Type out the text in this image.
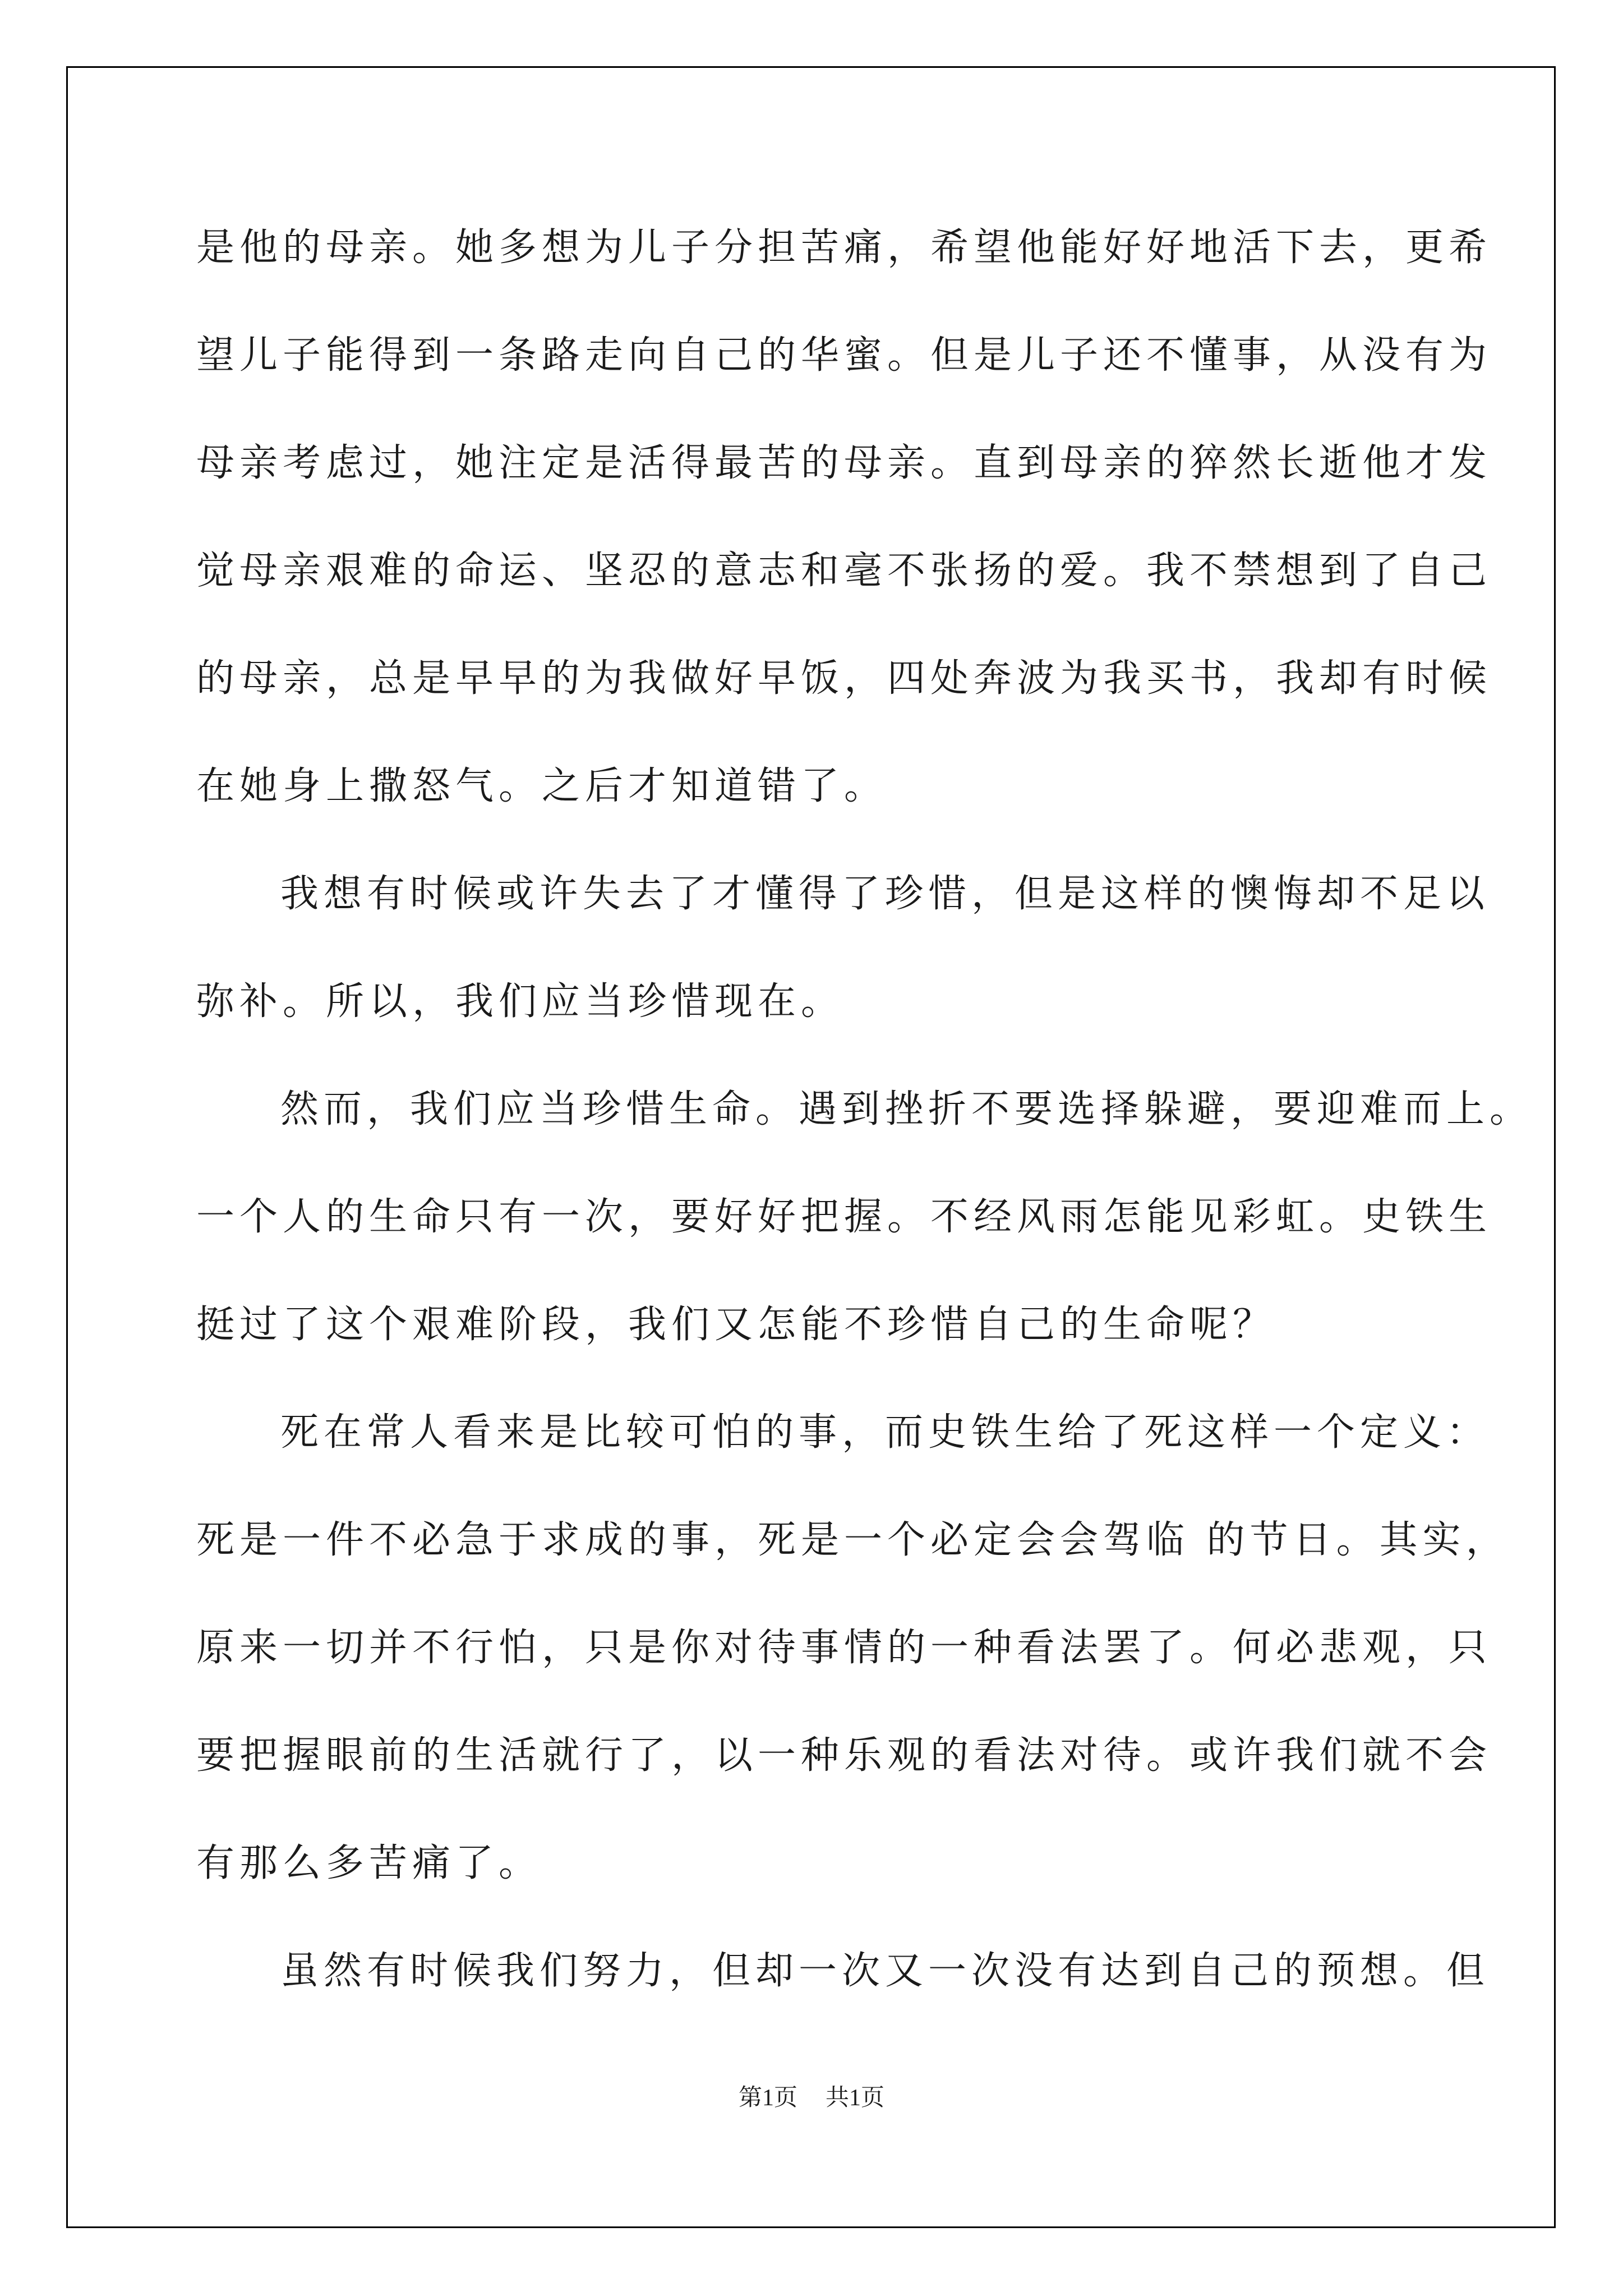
是他的母亲。她多想为儿子分担苦痛，希望他能好好地活下去，更希
望儿子能得到一条路走向自己的华蜜。但是儿子还不懂事，从没有为
母亲考虑过，她注定是活得最苦的母亲。直到母亲的猝然长逝他才发
觉母亲艰难的命运、坚忍的意志和毫不张扬的爱。我不禁想到了自己
的母亲，总是早早的为我做好早饭，四处奔波为我买书，我却有时候
在她身上撒怒气。之后才知道错了。
我想有时候或许失去了才懂得了珍惜，但是这样的懊悔却不足以
弥补。所以，我们应当珍惜现在。
然而，我们应当珍惜生命。遇到挫折不要选择躲避，要迎难而上。
一个人的生命只有一次，要好好把握。不经风雨怎能见彩虹。史铁生
挺过了这个艰难阶段，我们又怎能不珍惜自己的生命呢？
死在常人看来是比较可怕的事，而史铁生给了死这样一个定义：
死是一件不必急于求成的事，死是一个必定会会驾临 的节日。其实，
原来一切并不行怕，只是你对待事情的一种看法罢了。何必悲观，只
要把握眼前的生活就行了，以一种乐观的看法对待。或许我们就不会
有那么多苦痛了。
虽然有时候我们努力，但却一次又一次没有达到自己的预想。但
第1页 共1页
